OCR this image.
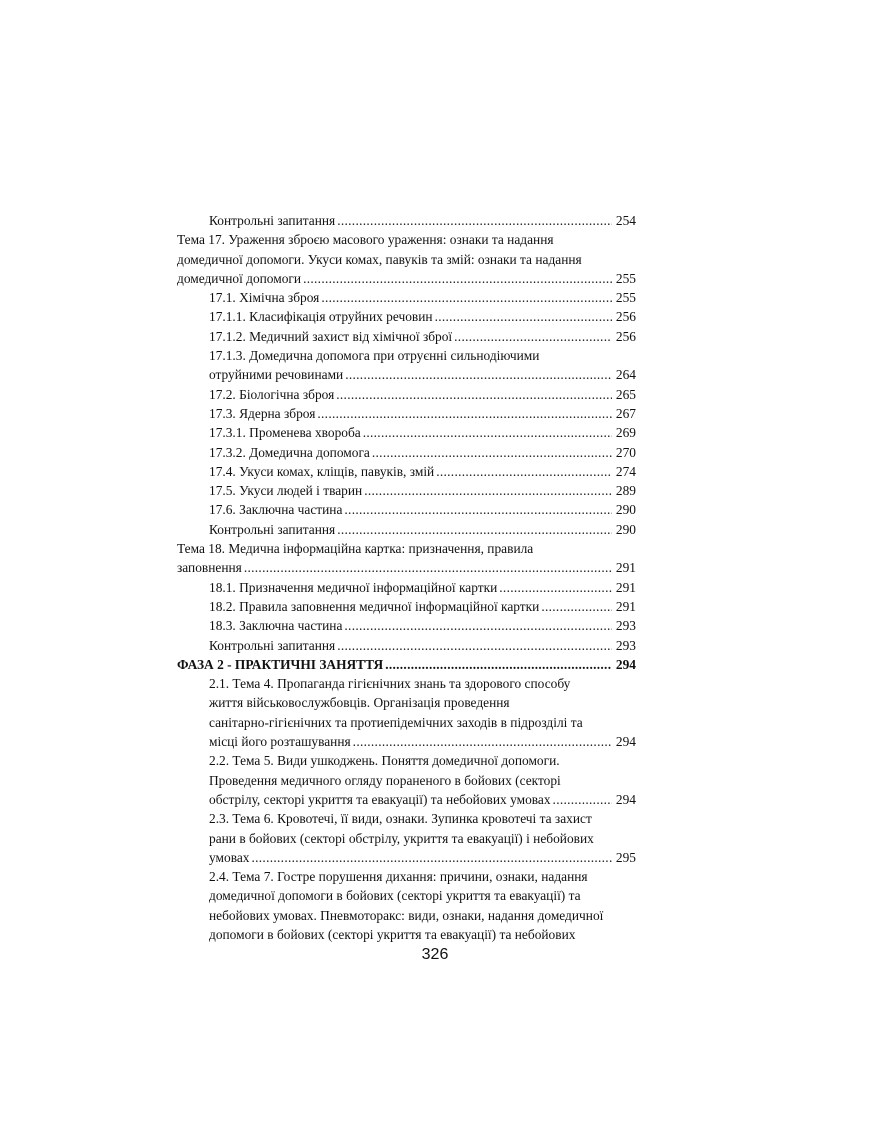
Контрольні запитання .....	254
Тема 17. Ураження зброєю масового ураження: ознаки та надання
домедичної допомоги. Укуси комах, павуків та змій: ознаки та надання
домедичної допомоги .....	255
17.1. Хімічна зброя .....	255
17.1.1. Класифікація отруйних речовин .....	256
17.1.2. Медичний захист від хімічної зброї .....	256
17.1.3. Домедична допомога при отруєнні сильнодіючими
отруйними речовинами .....	264
17.2. Біологічна зброя .....	265
17.3. Ядерна зброя .....	267
17.3.1. Променева хвороба .....	269
17.3.2. Домедична допомога .....	270
17.4. Укуси комах, кліщів, павуків, змій .....	274
17.5. Укуси людей і тварин .....	289
17.6. Заключна частина .....	290
Контрольні запитання .....	290
Тема 18. Медична інформаційна картка: призначення, правила
заповнення .....	291
18.1. Призначення медичної інформаційної картки .....	291
18.2. Правила заповнення медичної інформаційної картки .....	291
18.3. Заключна частина .....	293
Контрольні запитання .....	293
ФАЗА 2 - ПРАКТИЧНІ ЗАНЯТТЯ .....	294
2.1. Тема 4. Пропаганда гігієнічних знань та здорового способу
життя військовослужбовців. Організація проведення
санітарно-гігієнічних та протиепідемічних заходів в підрозділі та
місці його розташування .....	294
2.2. Тема 5. Види ушкоджень. Поняття домедичної допомоги.
Проведення медичного огляду пораненого в бойових (секторі
обстрілу, секторі укриття та евакуації) та небойових умовах .....	294
2.3. Тема 6. Кровотечі, її види, ознаки. Зупинка кровотечі та захист
рани в бойових (секторі обстрілу, укриття та евакуації) і небойових
умовах .....	295
2.4. Тема 7. Гостре порушення дихання: причини, ознаки, надання
домедичної допомоги в бойових (секторі укриття та евакуації) та
небойових умовах. Пневмоторакс: види, ознаки, надання домедичної
допомоги в бойових (секторі укриття та евакуації) та небойових
326
